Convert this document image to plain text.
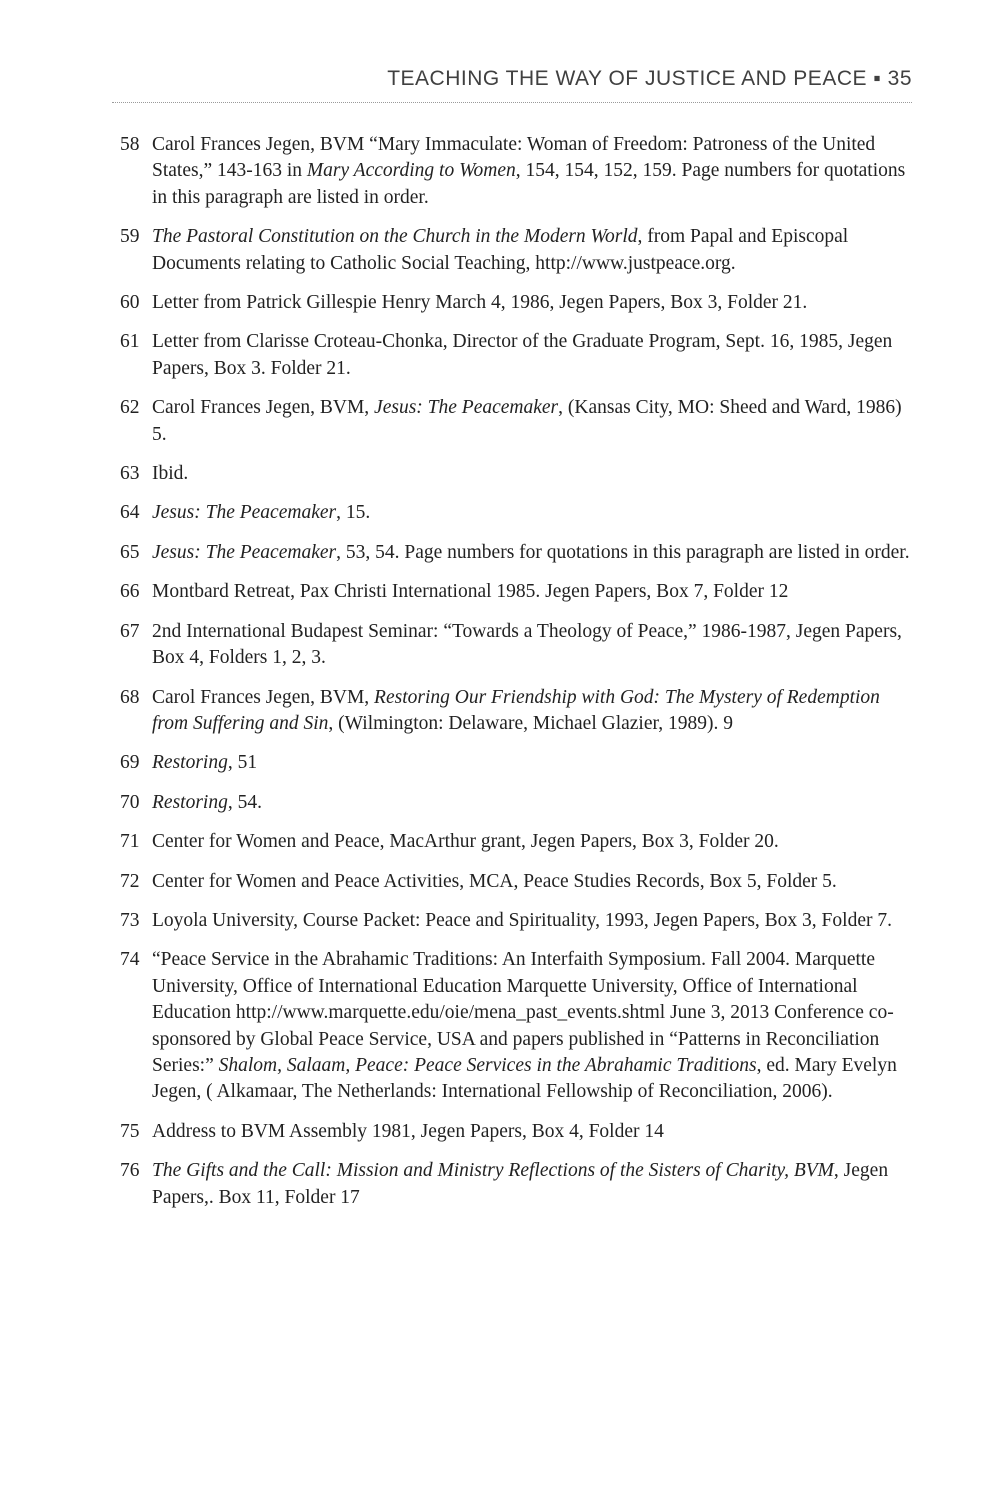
TEACHING THE WAY OF JUSTICE AND PEACE ▪ 35
58 Carol Frances Jegen, BVM “Mary Immaculate: Woman of Freedom: Patroness of the United States,” 143-163 in Mary According to Women, 154, 154, 152, 159. Page numbers for quotations in this paragraph are listed in order.
59 The Pastoral Constitution on the Church in the Modern World, from Papal and Episcopal Documents relating to Catholic Social Teaching, http://www.justpeace.org.
60 Letter from Patrick Gillespie Henry March 4, 1986, Jegen Papers, Box 3, Folder 21.
61 Letter from Clarisse Croteau-Chonka, Director of the Graduate Program, Sept. 16, 1985, Jegen Papers, Box 3. Folder 21.
62 Carol Frances Jegen, BVM, Jesus: The Peacemaker, (Kansas City, MO: Sheed and Ward, 1986) 5.
63 Ibid.
64 Jesus: The Peacemaker, 15.
65 Jesus: The Peacemaker, 53, 54. Page numbers for quotations in this paragraph are listed in order.
66 Montbard Retreat, Pax Christi International 1985. Jegen Papers, Box 7, Folder 12
67 2nd International Budapest Seminar: “Towards a Theology of Peace,” 1986-1987, Jegen Papers, Box 4, Folders 1, 2, 3.
68 Carol Frances Jegen, BVM, Restoring Our Friendship with God: The Mystery of Redemption from Suffering and Sin, (Wilmington: Delaware, Michael Glazier, 1989). 9
69 Restoring, 51
70 Restoring, 54.
71 Center for Women and Peace, MacArthur grant, Jegen Papers, Box 3, Folder 20.
72 Center for Women and Peace Activities, MCA, Peace Studies Records, Box 5, Folder 5.
73 Loyola University, Course Packet: Peace and Spirituality, 1993, Jegen Papers, Box 3, Folder 7.
74 “Peace Service in the Abrahamic Traditions: An Interfaith Symposium. Fall 2004. Marquette University, Office of International Education Marquette University, Office of International Education http://www.marquette.edu/oie/mena_past_events.shtml June 3, 2013 Conference co-sponsored by Global Peace Service, USA and papers published in “Patterns in Reconciliation Series:” Shalom, Salaam, Peace: Peace Services in the Abrahamic Traditions, ed. Mary Evelyn Jegen, ( Alkamaar, The Netherlands: International Fellowship of Reconciliation, 2006).
75 Address to BVM Assembly 1981, Jegen Papers, Box 4, Folder 14
76 The Gifts and the Call: Mission and Ministry Reflections of the Sisters of Charity, BVM, Jegen Papers,. Box 11, Folder 17
